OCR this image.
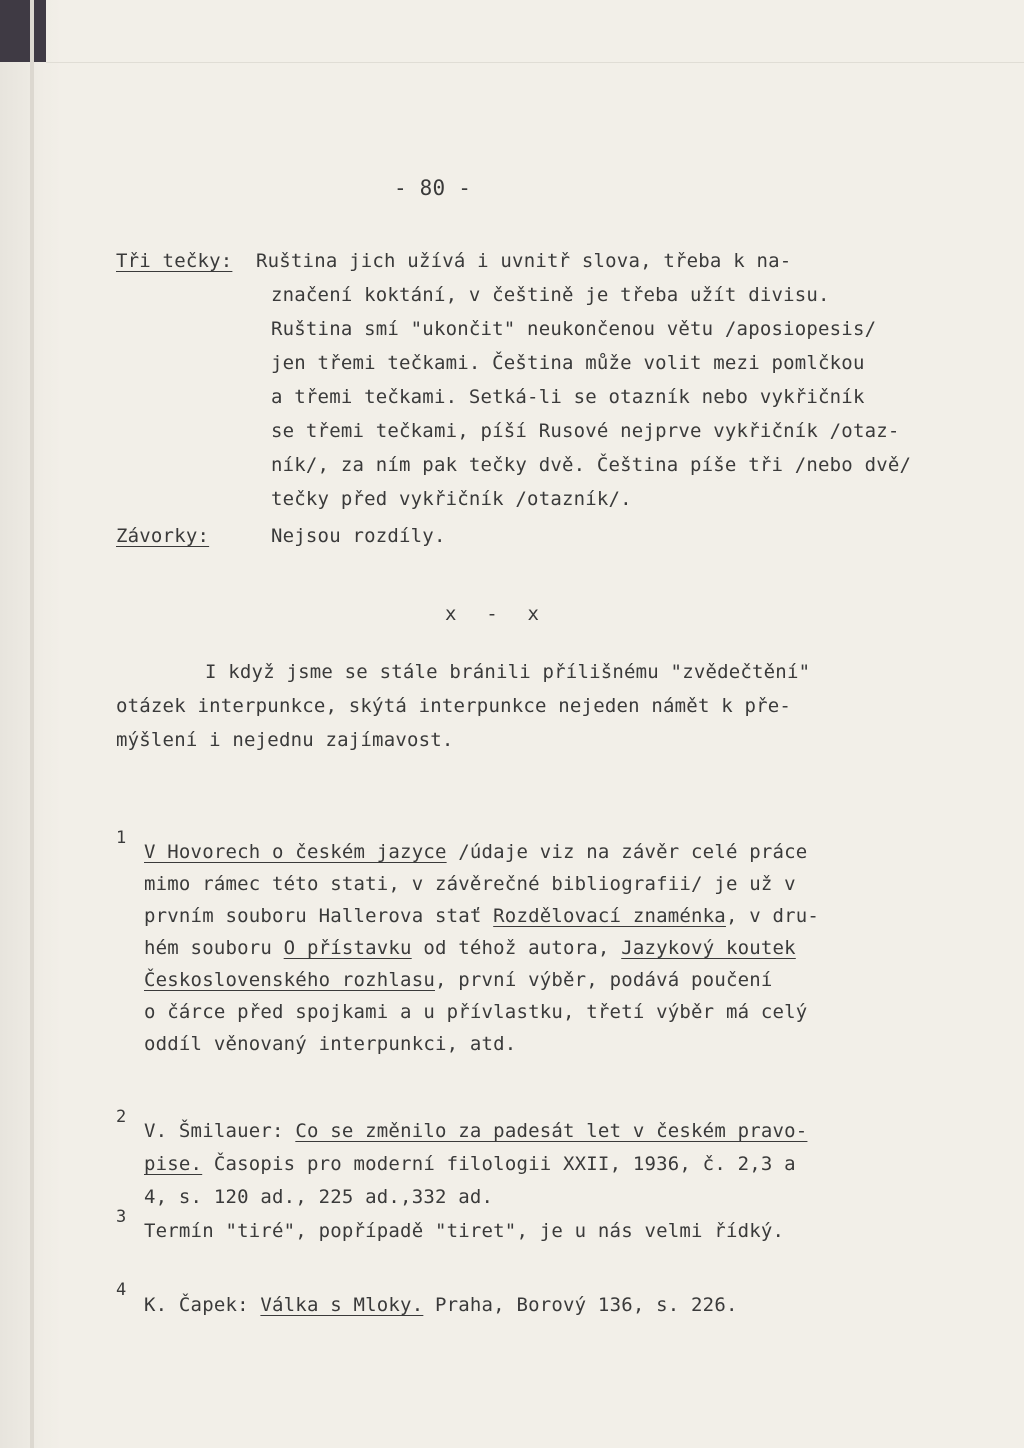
- 80 -
Tři tečky: Ruština jich užívá i uvnitř slova, třeba k na-
značení koktání, v češtině je třeba užít divisu.
Ruština smí "ukončit" neukončenou větu /aposiopesis/
jen třemi tečkami. Čeština může volit mezi pomlčkou
a třemi tečkami. Setká-li se otazník nebo vykřičník
se třemi tečkami, píší Rusové nejprve vykřičník /otaz-
ník/, za ním pak tečky dvě. Čeština píše tři /nebo dvě/
tečky před vykřičník /otazník/.
Závorky:	Nejsou rozdíly.
x - x
I když jsme se stále bránili přílišnému "zvědečtění"
otázek interpunkce, skýtá interpunkce nejeden námět k pře-
mýšlení i nejednu zajímavost.
1
V Hovorech o českém jazyce /údaje viz na závěr celé práce
mimo rámec této stati, v závěrečné bibliografii/ je už v
prvním souboru Hallerova stať Rozdělovací znaménka, v dru-
hém souboru O přístavku od téhož autora, Jazykový koutek
Československého rozhlasu, první výběr, podává poučení
o čárce před spojkami a u přívlastku, třetí výběr má celý
oddíl věnovaný interpunkci, atd.
2
V. Šmilauer: Co se změnilo za padesát let v českém pravo-
pise. Časopis pro moderní filologii XXII, 1936, č. 2,3 a
4, s. 120 ad., 225 ad.,332 ad.
3
Termín "tiré", popřípadě "tiret", je u nás velmi řídký.
4
K. Čapek: Válka s Mloky. Praha, Borový 136, s. 226.
